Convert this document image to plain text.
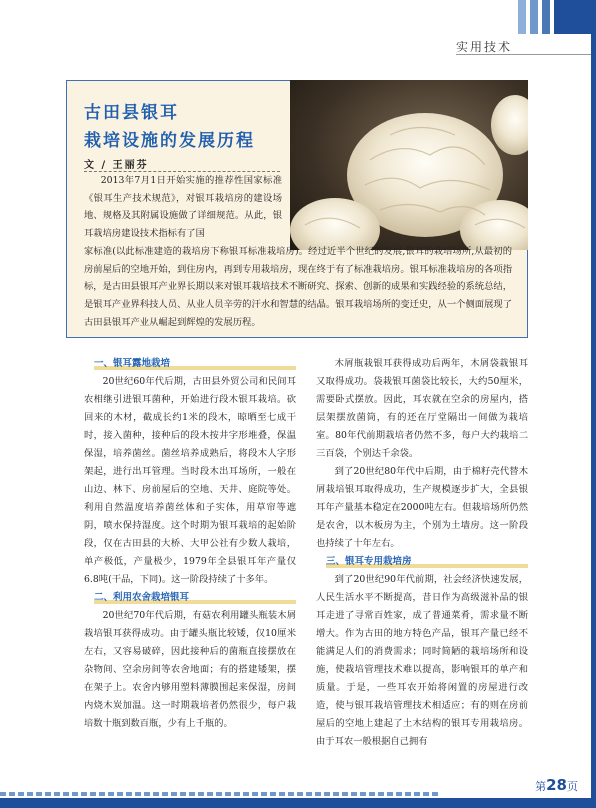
实用技术
古田县银耳
栽培设施的发展历程
文 / 王丽芬

2013年7月1日开始实施的推荐性国家标准《银耳生产技术规范》，对银耳栽培房的建设场地、规格及其附属设施做了详细规范。从此，银耳栽培房建设技术指标有了国

家标准(以此标准建造的栽培房下称银耳标准栽培房)。经过近半个世纪的发展,银耳的栽培场所,从最初的房前屋后的空地开始，到住房内，再到专用栽培房，现在终于有了标准栽培房。银耳标准栽培房的各项指标，是古田县银耳产业界长期以来对银耳栽培技术不断研究、探索、创新的成果和实践经验的系统总结，是银耳产业界科技人员、从业人员辛劳的汗水和智慧的结晶。银耳栽培场所的变迁史，从一个侧面展现了古田县银耳产业从崛起到辉煌的发展历程。

一、银耳露地栽培

20世纪60年代后期，古田县外贸公司和民间耳农相继引进银耳菌种，开始进行段木银耳栽培。砍回来的木材，截成长约1米的段木，晾晒至七成干时，接入菌种，接种后的段木按井字形堆叠，保温保湿，培养菌丝。菌丝培养成熟后，将段木人字形架起，进行出耳管理。当时段木出耳场所，一般在山边、林下、房前屋后的空地、天井、庭院等处。利用自然温度培养菌丝体和子实体，用草帘等遮阴，喷水保持湿度。这个时期为银耳栽培的起始阶段，仅在古田县的大桥、大甲公社有少数人栽培，单产极低，产量极少，1979年全县银耳年产量仅6.8吨(干品，下同)。这一阶段持续了十多年。

二、利用农舍栽培银耳

20世纪70年代后期，有菇农利用罐头瓶装木屑栽培银耳获得成功。由于罐头瓶比较矮，仅10厘米左右，又容易破碎，因此接种后的菌瓶直接摆放在杂物间、空余房间等农舍地面；有的搭建矮架，摆在架子上。农舍内够用塑料薄膜围起来保湿，房间内烧木炭加温。这一时期栽培者仍然很少，每户栽培数十瓶到数百瓶，少有上千瓶的。

木屑瓶栽银耳获得成功后两年，木屑袋栽银耳又取得成功。袋栽银耳菌袋比较长，大约50厘米，需要卧式摆放。因此，耳农就在空余的房屋内，搭层架摆放菌筒，有的还在厅堂隔出一间做为栽培室。80年代前期栽培者仍然不多，每户大约栽培二三百袋，个别达千余袋。

到了20世纪80年代中后期，由于棉籽壳代替木屑栽培银耳取得成功，生产规模逐步扩大，全县银耳年产量基本稳定在2000吨左右。但栽培场所仍然是农舍，以木板房为主，个别为土墙房。这一阶段也持续了十年左右。

三、银耳专用栽培房

到了20世纪90年代前期，社会经济快速发展，人民生活水平不断提高，昔日作为高级滋补品的银耳走进了寻常百姓家，成了普通菜肴，需求量不断增大。作为古田的地方特色产品，银耳产量已经不能满足人们的消费需求；同时简陋的栽培场所和设施，使栽培管理技术难以提高，影响银耳的单产和质量。于是，一些耳农开始将闲置的房屋进行改造，使与银耳栽培管理技术相适应；有的则在房前屋后的空地上建起了土木结构的银耳专用栽培房。由于耳农一般根据自己拥有

第28页
